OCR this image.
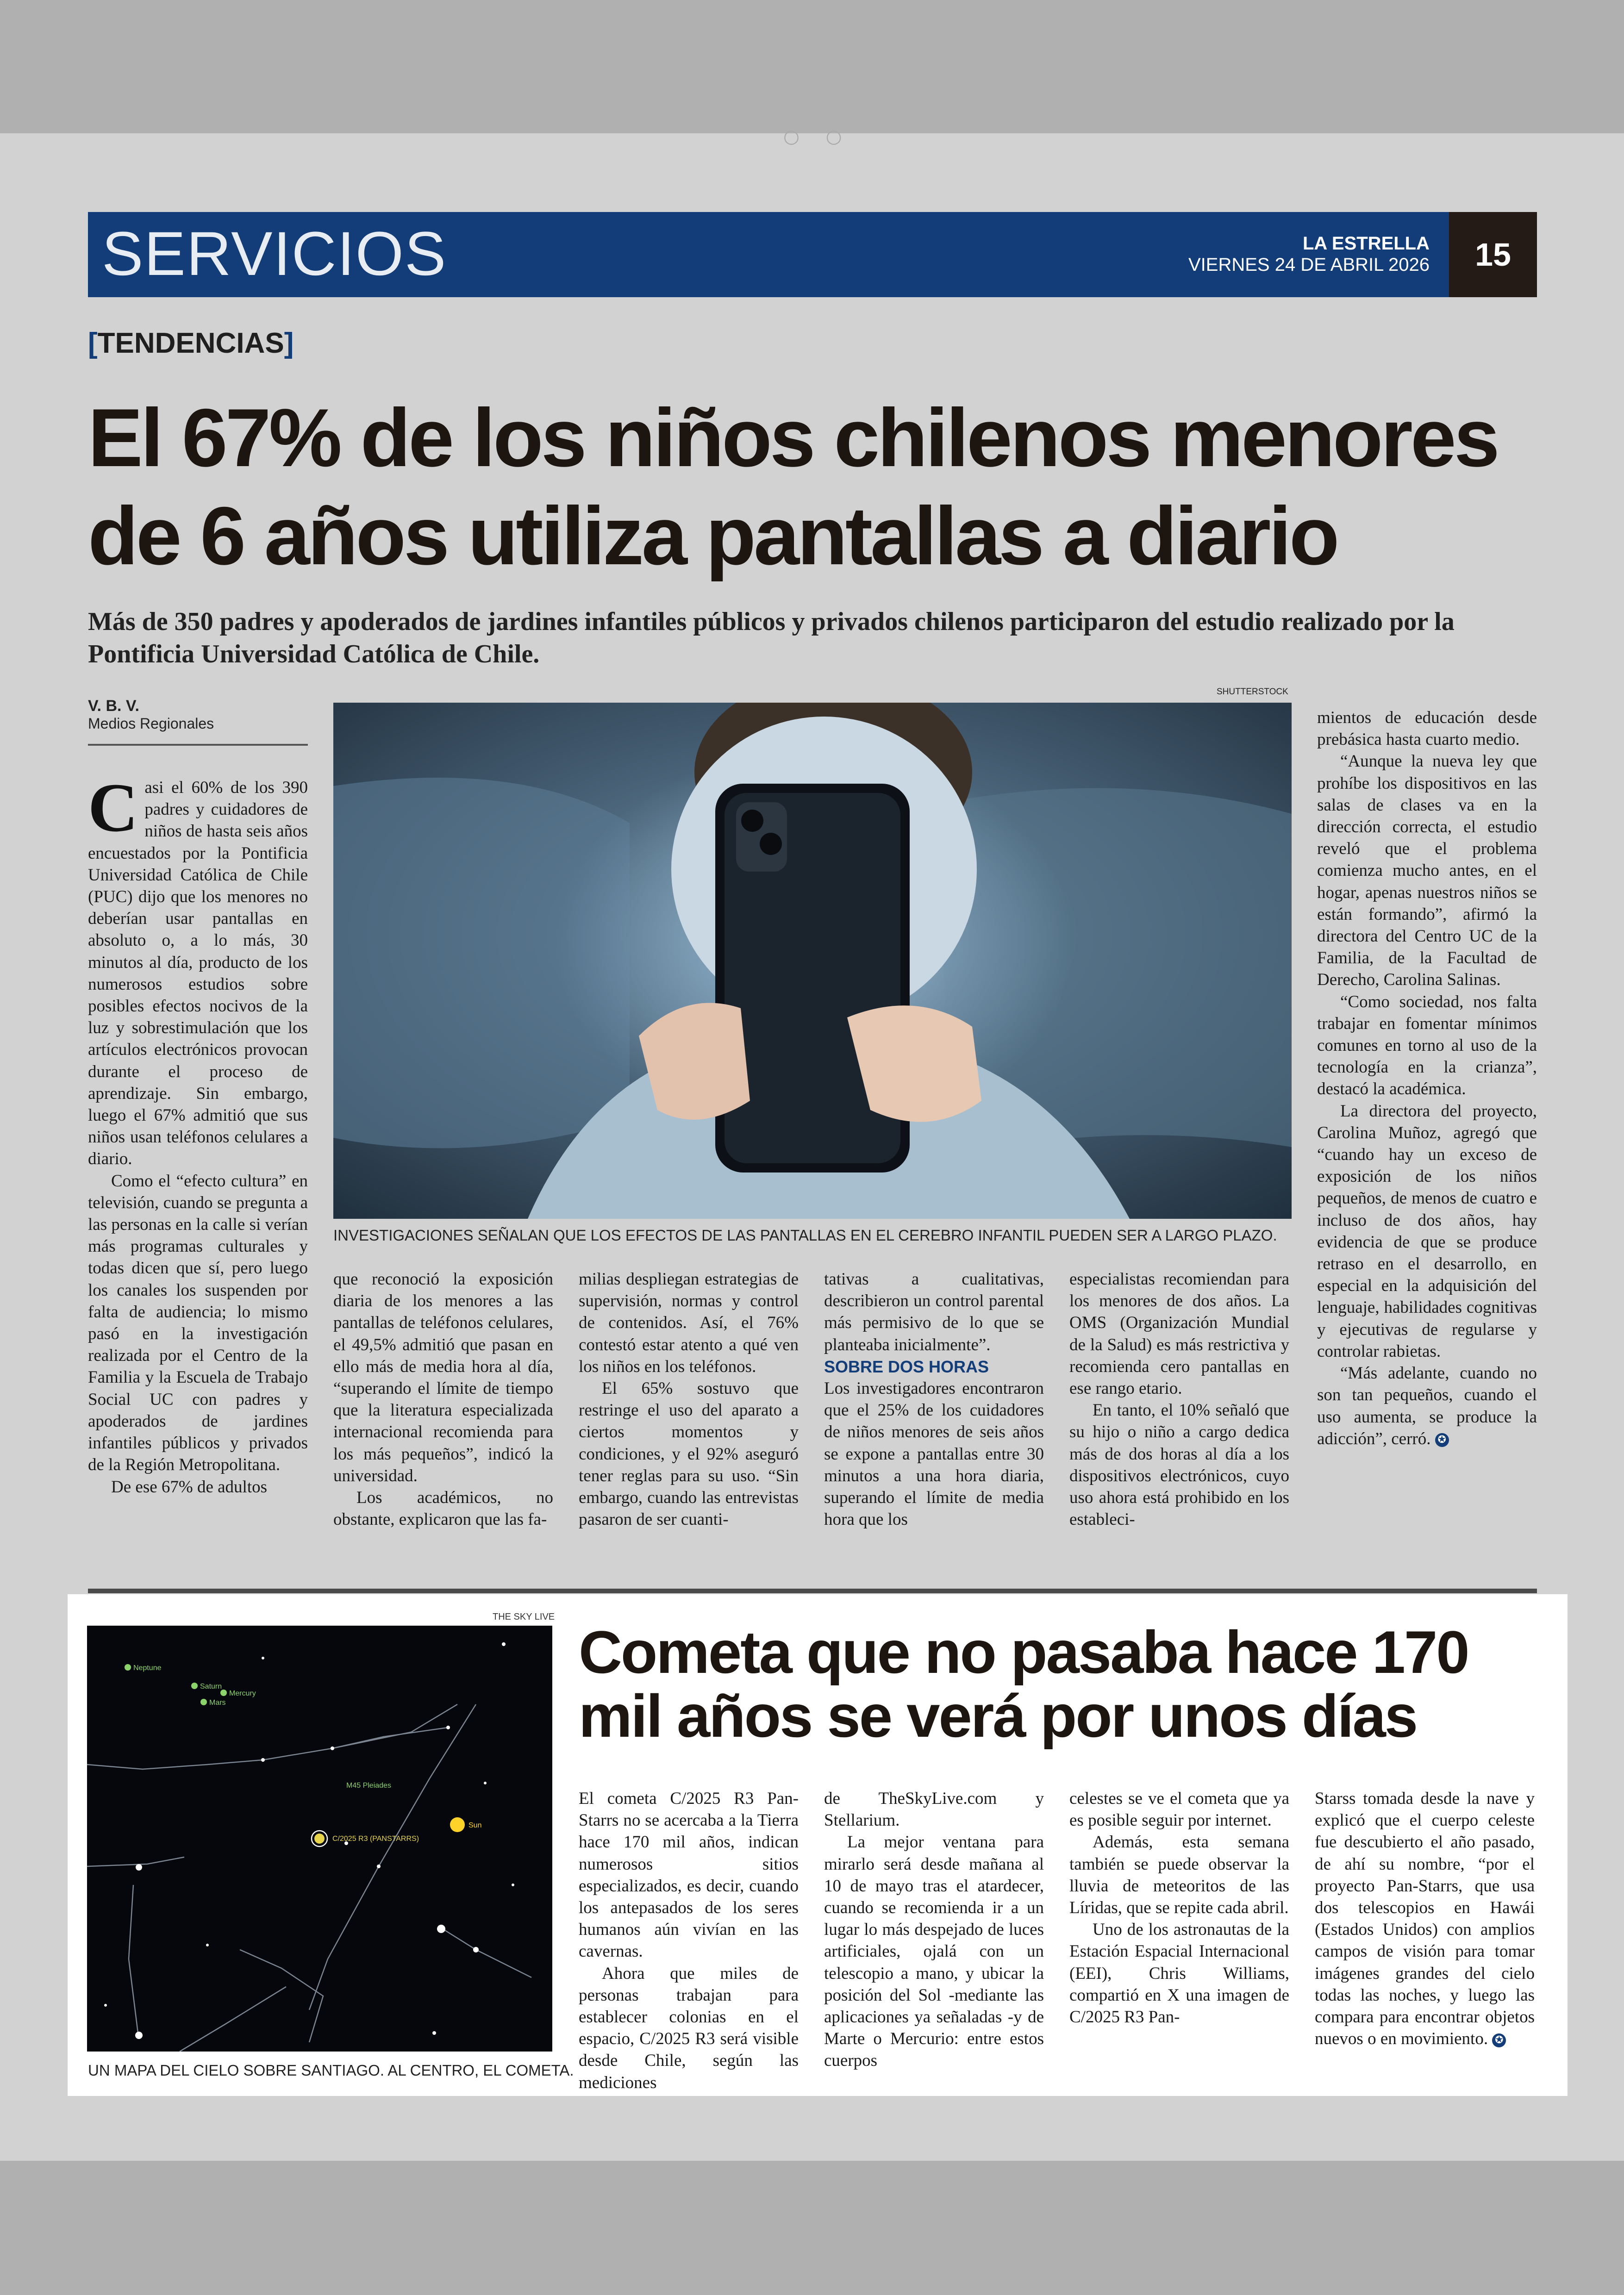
○ ○
SERVICIOS	LA ESTRELLA
VIERNES 24 DE ABRIL 2026	15
[TENDENCIAS]
El 67% de los niños chilenos menores de 6 años utiliza pantallas a diario

Más de 350 padres y apoderados de jardines infantiles públicos y privados chilenos participaron del estudio realizado por la Pontificia Universidad Católica de Chile.

V. B. V.
Medios Regionales

Casi el 60% de los 390 padres y cuidadores de niños de hasta seis años encuestados por la Pontificia Universidad Católica de Chile (PUC) dijo que los menores no deberían usar pantallas en absoluto o, a lo más, 30 minutos al día, producto de los numerosos estudios sobre posibles efectos nocivos de la luz y sobrestimulación que los artículos electrónicos provocan durante el proceso de aprendizaje. Sin embargo, luego el 67% admitió que sus niños usan teléfonos celulares a diario.

Como el “efecto cultura” en televisión, cuando se pregunta a las personas en la calle si verían más programas culturales y todas dicen que sí, pero luego los canales los suspenden por falta de audiencia; lo mismo pasó en la investigación realizada por el Centro de la Familia y la Escuela de Trabajo Social UC con padres y apoderados de jardines infantiles públicos y privados de la Región Metropolitana.

De ese 67% de adultos

SHUTTERSTOCK
INVESTIGACIONES SEÑALAN QUE LOS EFECTOS DE LAS PANTALLAS EN EL CEREBRO INFANTIL PUEDEN SER A LARGO PLAZO.

que reconoció la exposición diaria de los menores a las pantallas de teléfonos celulares, el 49,5% admitió que pasan en ello más de media hora al día, “superando el límite de tiempo que la literatura especializada internacional recomienda para los más pequeños”, indicó la universidad.

Los académicos, no obstante, explicaron que las fa-

milias despliegan estrategias de supervisión, normas y control de contenidos. Así, el 76% contestó estar atento a qué ven los niños en los teléfonos.

El 65% sostuvo que restringe el uso del aparato a ciertos momentos y condiciones, y el 92% aseguró tener reglas para su uso. “Sin embargo, cuando las entrevistas pasaron de ser cuanti-

tativas a cualitativas, describieron un control parental más permisivo de lo que se planteaba inicialmente”.

SOBRE DOS HORAS

Los investigadores encontraron que el 25% de los cuidadores de niños menores de seis años se expone a pantallas entre 30 minutos a una hora diaria, superando el límite de media hora que los

especialistas recomiendan para los menores de dos años. La OMS (Organización Mundial de la Salud) es más restrictiva y recomienda cero pantallas en ese rango etario.

En tanto, el 10% señaló que su hijo o niño a cargo dedica más de dos horas al día a los dispositivos electrónicos, cuyo uso ahora está prohibido en los estableci-

mientos de educación desde prebásica hasta cuarto medio.

“Aunque la nueva ley que prohíbe los dispositivos en las salas de clases va en la dirección correcta, el estudio reveló que el problema comienza mucho antes, en el hogar, apenas nuestros niños se están formando”, afirmó la directora del Centro UC de la Familia, de la Facultad de Derecho, Carolina Salinas.

“Como sociedad, nos falta trabajar en fomentar mínimos comunes en torno al uso de la tecnología en la crianza”, destacó la académica.

La directora del proyecto, Carolina Muñoz, agregó que “cuando hay un exceso de exposición de los niños pequeños, de menos de cuatro e incluso de dos años, hay evidencia de que se produce retraso en el desarrollo, en especial en la adquisición del lenguaje, habilidades cognitivas y ejecutivas de regularse y controlar rabietas.

“Más adelante, cuando no son tan pequeños, cuando el uso aumenta, se produce la adicción”, cerró. ✪

THE SKY LIVE
Neptune
Saturn
Mercury
Mars
M45 Pleiades
C/2025 R3 (PANSTARRS)
Sun
UN MAPA DEL CIELO SOBRE SANTIAGO. AL CENTRO, EL COMETA.
Cometa que no pasaba hace 170 mil años se verá por unos días

El cometa C/2025 R3 Pan-Starrs no se acercaba a la Tierra hace 170 mil años, indican numerosos sitios especializados, es decir, cuando los antepasados de los seres humanos aún vivían en las cavernas.

Ahora que miles de personas trabajan para establecer colonias en el espacio, C/2025 R3 será visible desde Chile, según las mediciones

de TheSkyLive.com y Stellarium.

La mejor ventana para mirarlo será desde mañana al 10 de mayo tras el atardecer, cuando se recomienda ir a un lugar lo más despejado de luces artificiales, ojalá con un telescopio a mano, y ubicar la posición del Sol -mediante las aplicaciones ya señaladas -y de Marte o Mercurio: entre estos cuerpos

celestes se ve el cometa que ya es posible seguir por internet.

Además, esta semana también se puede observar la lluvia de meteoritos de las Líridas, que se repite cada abril.

Uno de los astronautas de la Estación Espacial Internacional (EEI), Chris Williams, compartió en X una imagen de C/2025 R3 Pan-

Starss tomada desde la nave y explicó que el cuerpo celeste fue descubierto el año pasado, de ahí su nombre, “por el proyecto Pan-Starrs, que usa dos telescopios en Hawái (Estados Unidos) con amplios campos de visión para tomar imágenes grandes del cielo todas las noches, y luego las compara para encontrar objetos nuevos o en movimiento. ✪
